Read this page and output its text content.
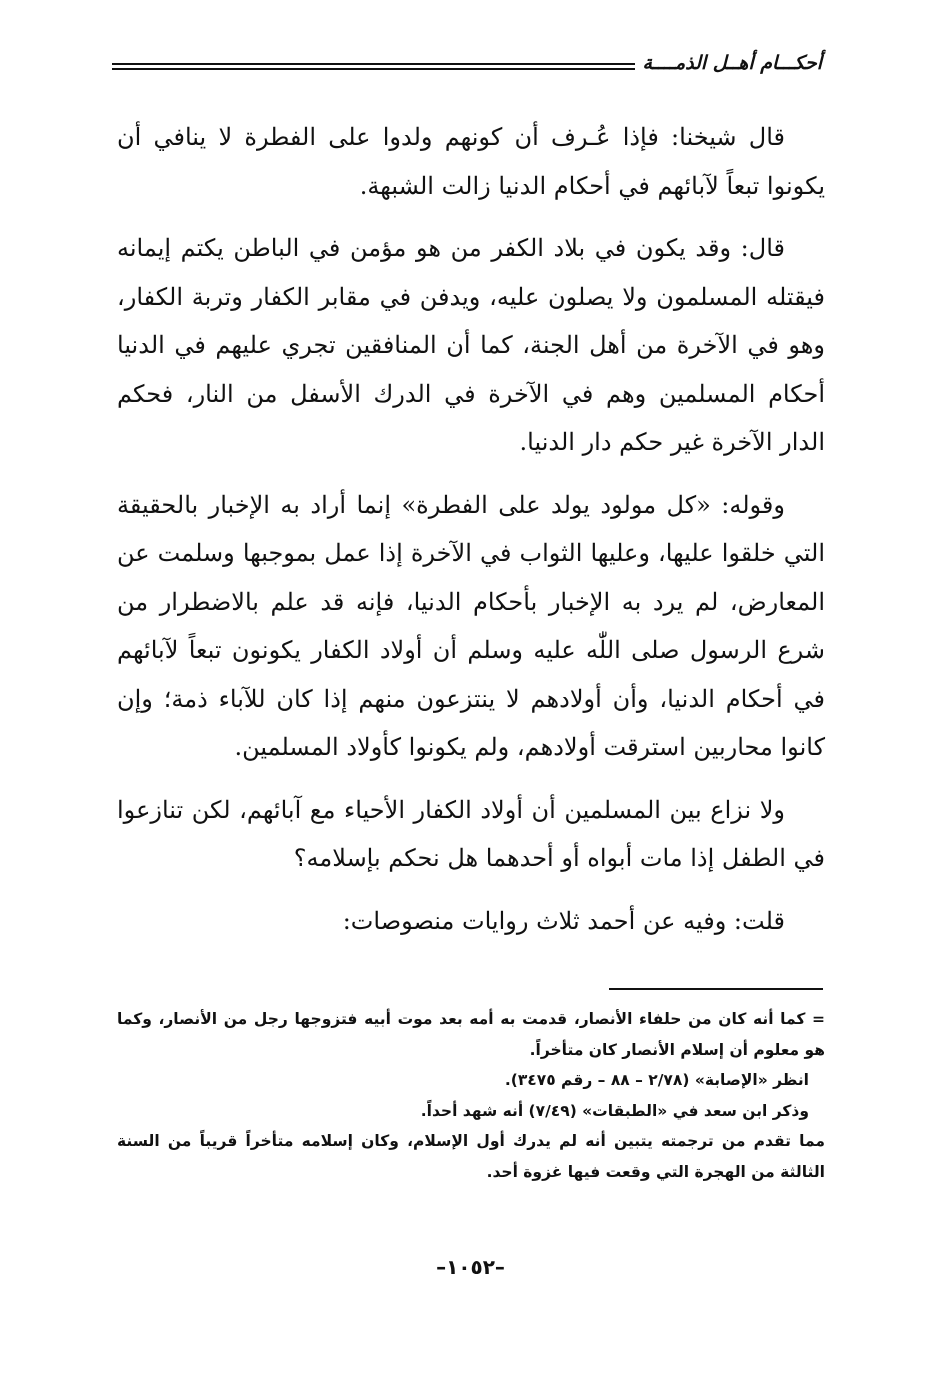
أحكـــام أهــل الذمــــة

قال شيخنا: فإذا عُـرف أن كونهم ولدوا على الفطرة لا ينافي أن يكونوا تبعاً لآبائهم في أحكام الدنيا زالت الشبهة.

قال: وقد يكون في بلاد الكفر من هو مؤمن في الباطن يكتم إيمانه فيقتله المسلمون ولا يصلون عليه، ويدفن في مقابر الكفار وتربة الكفار، وهو في الآخرة من أهل الجنة، كما أن المنافقين تجري عليهم في الدنيا أحكام المسلمين وهم في الآخرة في الدرك الأسفل من النار، فحكم الدار الآخرة غير حكم دار الدنيا.

وقوله: «كل مولود يولد على الفطرة» إنما أراد به الإخبار بالحقيقة التي خلقوا عليها، وعليها الثواب في الآخرة إذا عمل بموجبها وسلمت عن المعارض، لم يرد به الإخبار بأحكام الدنيا، فإنه قد علم بالاضطرار من شرع الرسول صلى اللّٰه عليه وسلم أن أولاد الكفار يكونون تبعاً لآبائهم في أحكام الدنيا، وأن أولادهم لا ينتزعون منهم إذا كان للآباء ذمة؛ وإن كانوا محاربين استرقت أولادهم، ولم يكونوا كأولاد المسلمين.

ولا نزاع بين المسلمين أن أولاد الكفار الأحياء مع آبائهم، لكن تنازعوا في الطفل إذا مات أبواه أو أحدهما هل نحكم بإسلامه؟

قلت: وفيه عن أحمد ثلاث روايات منصوصات:

= كما أنه كان من حلفاء الأنصار، قدمت به أمه بعد موت أبيه فتزوجها رجل من الأنصار، وكما هو معلوم أن إسلام الأنصار كان متأخراً.

انظر «الإصابة» (٢/٧٨ – ٨٨ – رقم ٣٤٧٥).

وذكر ابن سعد في «الطبقات» (٧/٤٩) أنه شهد أحداً.

مما تقدم من ترجمته يتبين أنه لم يدرك أول الإسلام، وكان إسلامه متأخراً قريباً من السنة الثالثة من الهجرة التي وقعت فيها غزوة أحد.

–١٠٥٢–
